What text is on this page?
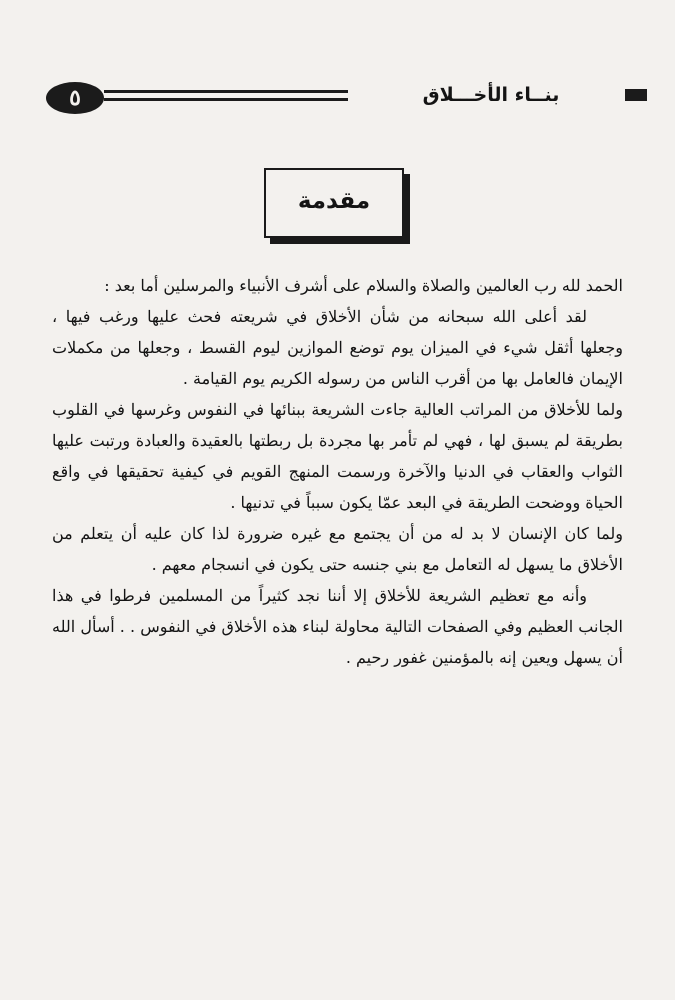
٥	بنــاء الأخـــلاق
مقدمة

الحمد لله رب العالمين والصلاة والسلام على أشرف الأنبياء والمرسلين أما بعد :

لقد أعلى الله سبحانه من شأن الأخلاق في شريعته فحث عليها ورغب فيها ، وجعلها أثقل شيء في الميزان يوم توضع الموازين ليوم القسط ، وجعلها من مكملات الإيمان فالعامل بها من أقرب الناس من رسوله الكريم يوم القيامة .

ولما للأخلاق من المراتب العالية جاءت الشريعة ببنائها في النفوس وغرسها في القلوب بطريقة لم يسبق لها ، فهي لم تأمر بها مجردة بل ربطتها بالعقيدة والعبادة ورتبت عليها الثواب والعقاب في الدنيا والآخرة ورسمت المنهج القويم في كيفية تحقيقها في واقع الحياة ووضحت الطريقة في البعد عمّا يكون سبباً في تدنيها .

ولما كان الإنسان لا بد له من أن يجتمع مع غيره ضرورة لذا كان عليه أن يتعلم من الأخلاق ما يسهل له التعامل مع بني جنسه حتى يكون في انسجام معهم .

وأنه مع تعظيم الشريعة للأخلاق إلا أننا نجد كثيراً من المسلمين فرطوا في هذا الجانب العظيم وفي الصفحات التالية محاولة لبناء هذه الأخلاق في النفوس . . أسأل الله أن يسهل ويعين إنه بالمؤمنين غفور رحيم .
